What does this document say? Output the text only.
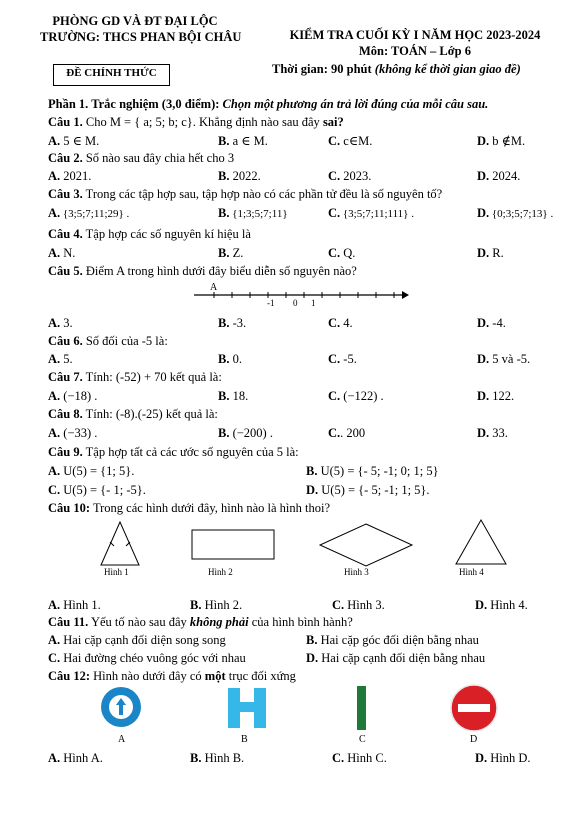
PHÒNG GD VÀ ĐT ĐẠI LỘC
TRƯỜNG: THCS PHAN BỘI CHÂU	KIỂM TRA CUỐI KỲ I NĂM HỌC 2023-2024
Môn: TOÁN – Lớp 6
ĐỀ CHÍNH THỨC	Thời gian: 90 phút (không kể thời gian giao đề)
Phần 1. Trắc nghiệm (3,0 điểm): Chọn một phương án trả lời đúng của mỗi câu sau.
Câu 1. Cho M = { a; 5; b; c}. Khẳng định nào sau đây sai?
A. 5 ∈ M.	B. a ∈ M.	C. c∈M.	D. b ∉M.
Câu 2. Số nào sau đây chia hết cho 3
A. 2021.	B. 2022.	C. 2023.	D. 2024.
Câu 3. Trong các tập hợp sau, tập hợp nào có các phần tử đều là số nguyên tố?
A. {3;5;7;11;29} .	B. {1;3;5;7;11}	C. {3;5;7;11;111} .	D. {0;3;5;7;13} .
Câu 4. Tập hợp các số nguyên kí hiệu là
A. N.	B. Z.	C. Q.	D. R.
Câu 5. Điểm A trong hình dưới đây biểu diễn số nguyên nào?
A
-1 0 1
A. 3.	B. -3.	C. 4.	D. -4.
Câu 6. Số đối của -5 là:
A. 5.	B. 0.	C. -5.	D. 5 và -5.
Câu 7. Tính: (-52) + 70 kết quả là:
A. (−18) .	B. 18.	C. (−122) .	D. 122.
Câu 8. Tính: (-8).(-25) kết quả là:
A. (−33) .	B. (−200) .	C.. 200	D. 33.
Câu 9. Tập hợp tất cả các ước số nguyên của 5 là:
A. U(5) = {1; 5}.	B. U(5) = {- 5; -1; 0; 1; 5}
C. U(5) = {- 1; -5}.	D. U(5) = {- 5; -1; 1; 5}.
Câu 10: Trong các hình dưới đây, hình nào là hình thoi?
Hình 1	Hình 2	Hình 3	Hình 4
A. Hình 1.	B. Hình 2.	C. Hình 3.	D. Hình 4.
Câu 11. Yếu tố nào sau đây không phải của hình bình hành?
A. Hai cặp cạnh đối diện song song	B. Hai cặp góc đối diện bằng nhau
C. Hai đường chéo vuông góc với nhau	D. Hai cặp cạnh đối diện bằng nhau
Câu 12: Hình nào dưới đây có một trục đối xứng
A	B	C	D
A. Hình A.	B. Hình B.	C. Hình C.	D. Hình D.
